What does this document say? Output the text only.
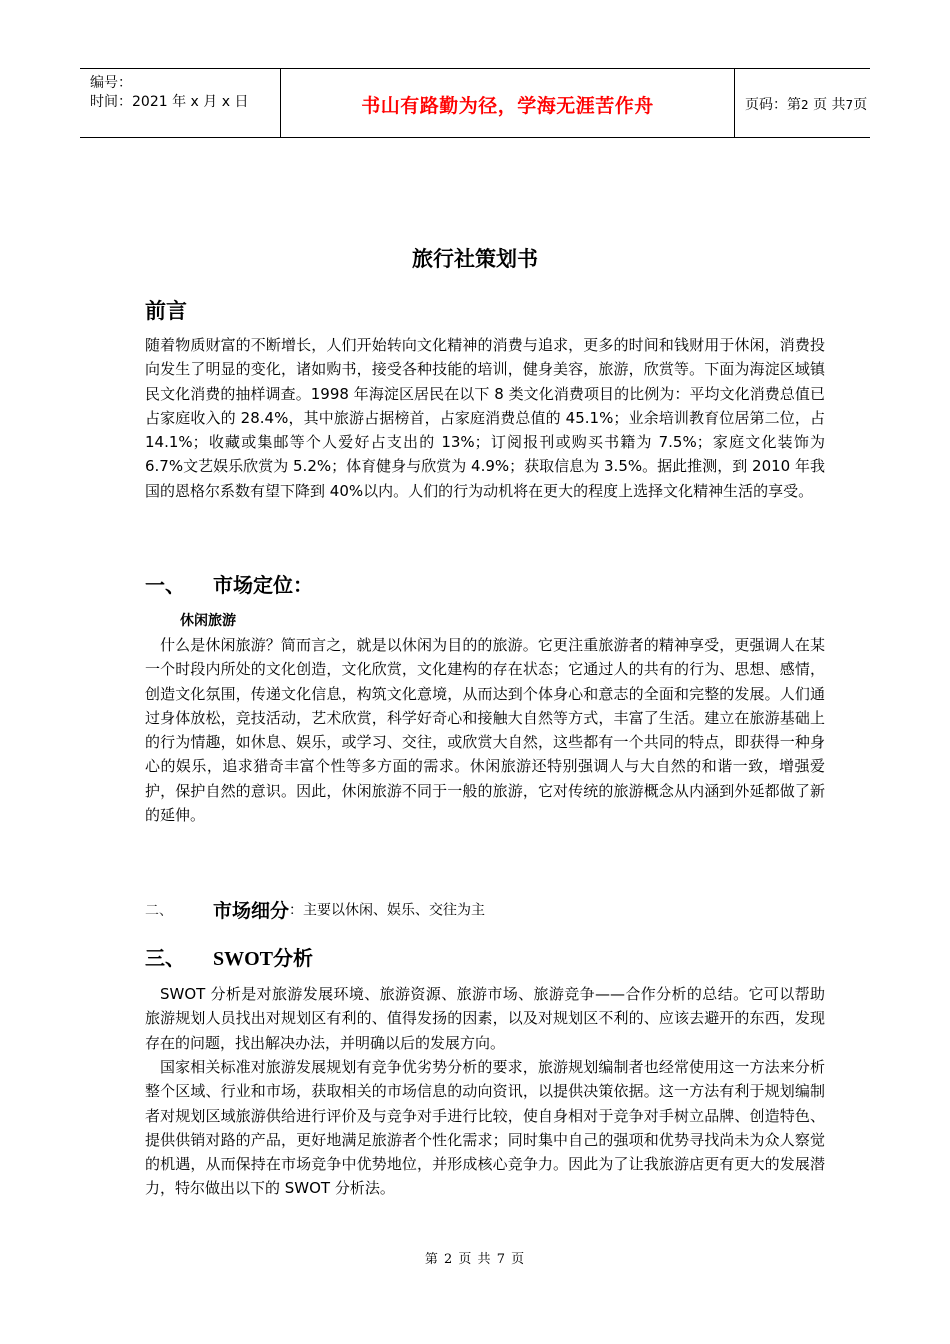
编号：
时间：2021 年 x 月 x 日	书山有路勤为径，学海无涯苦作舟	页码：第2 页 共7页
旅行社策划书
前言

随着物质财富的不断增长，人们开始转向文化精神的消费与追求，更多的时间和钱财用于休闲，消费投向发生了明显的变化，诸如购书，接受各种技能的培训，健身美容，旅游，欣赏等。下面为海淀区域镇民文化消费的抽样调查。1998 年海淀区居民在以下 8 类文化消费项目的比例为：平均文化消费总值已占家庭收入的 28.4%，其中旅游占据榜首，占家庭消费总值的 45.1%；业余培训教育位居第二位，占 14.1%；收藏或集邮等个人爱好占支出的 13%；订阅报刊或购买书籍为 7.5%；家庭文化装饰为 6.7%文艺娱乐欣赏为 5.2%；体育健身与欣赏为 4.9%；获取信息为 3.5%。据此推测，到 2010 年我国的恩格尔系数有望下降到 40%以内。人们的行为动机将在更大的程度上选择文化精神生活的享受。

一、 市场定位：
休闲旅游

什么是休闲旅游？简而言之，就是以休闲为目的的旅游。它更注重旅游者的精神享受，更强调人在某一个时段内所处的文化创造，文化欣赏，文化建构的存在状态；它通过人的共有的行为、思想、感情，创造文化氛围，传递文化信息，构筑文化意境，从而达到个体身心和意志的全面和完整的发展。人们通过身体放松，竞技活动，艺术欣赏，科学好奇心和接触大自然等方式，丰富了生活。建立在旅游基础上的行为情趣，如休息、娱乐，或学习、交往，或欣赏大自然，这些都有一个共同的特点，即获得一种身心的娱乐，追求猎奇丰富个性等多方面的需求。休闲旅游还特别强调人与大自然的和谐一致，增强爱护，保护自然的意识。因此，休闲旅游不同于一般的旅游，它对传统的旅游概念从内涵到外延都做了新的延伸。

二、 市场细分：主要以休闲、娱乐、交往为主
三、 SWOT分析

SWOT 分析是对旅游发展环境、旅游资源、旅游市场、旅游竞争——合作分析的总结。它可以帮助旅游规划人员找出对规划区有利的、值得发扬的因素，以及对规划区不利的、应该去避开的东西，发现存在的问题，找出解决办法，并明确以后的发展方向。

国家相关标准对旅游发展规划有竞争优劣势分析的要求，旅游规划编制者也经常使用这一方法来分析整个区域、行业和市场，获取相关的市场信息的动向资讯，以提供决策依据。这一方法有利于规划编制者对规划区域旅游供给进行评价及与竞争对手进行比较，使自身相对于竞争对手树立品牌、创造特色、提供供销对路的产品，更好地满足旅游者个性化需求；同时集中自己的强项和优势寻找尚未为众人察觉的机遇，从而保持在市场竞争中优势地位，并形成核心竞争力。因此为了让我旅游店更有更大的发展潜力，特尔做出以下的 SWOT 分析法。

第 2 页 共 7 页
